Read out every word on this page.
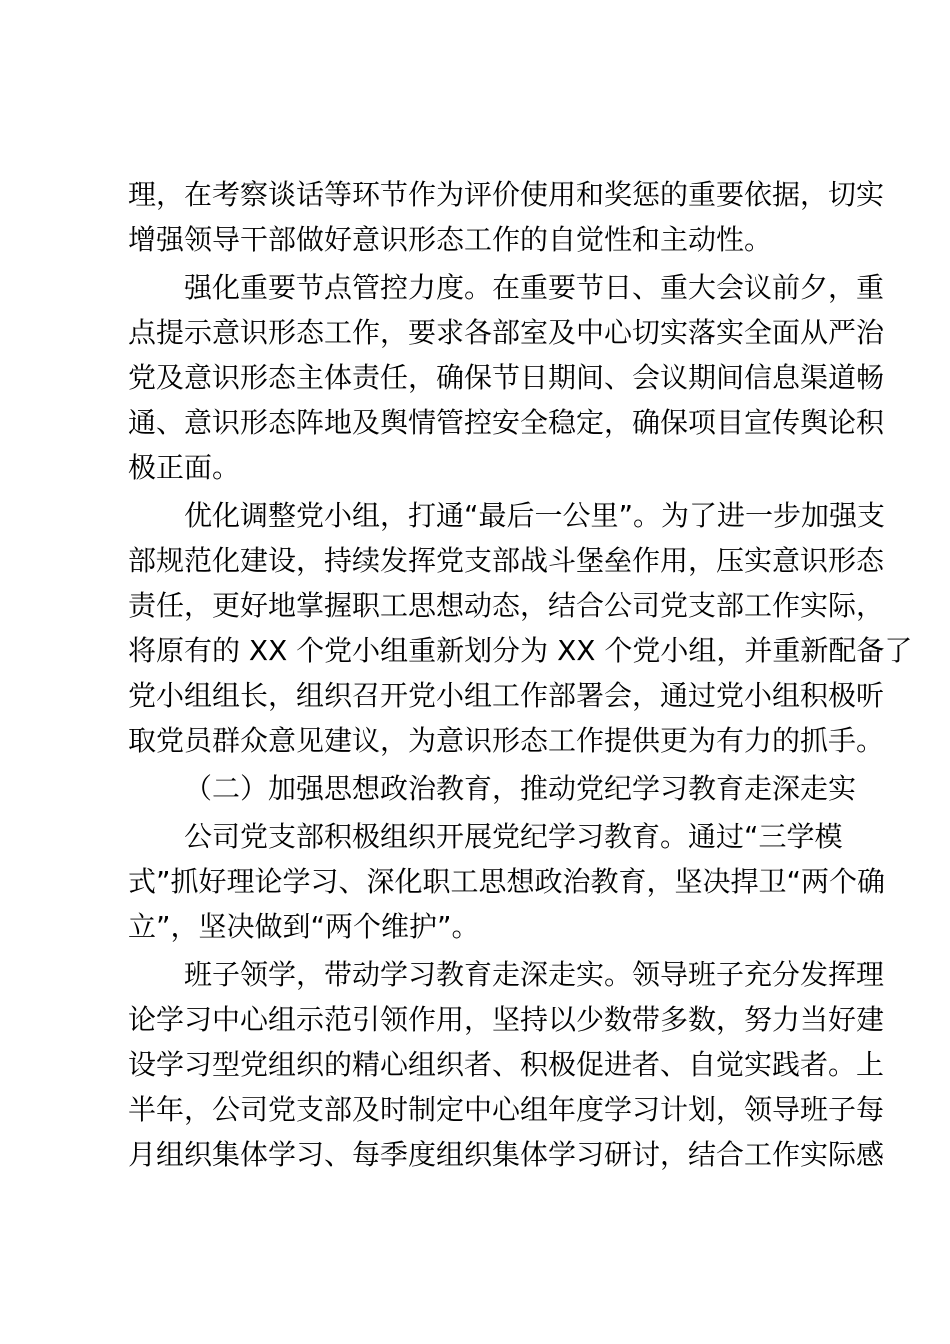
理，在考察谈话等环节作为评价使用和奖惩的重要依据，切实
增强领导干部做好意识形态工作的自觉性和主动性。
强化重要节点管控力度。在重要节日、重大会议前夕，重
点提示意识形态工作，要求各部室及中心切实落实全面从严治
党及意识形态主体责任，确保节日期间、会议期间信息渠道畅
通、意识形态阵地及舆情管控安全稳定，确保项目宣传舆论积
极正面。
优化调整党小组，打通“最后一公里”。为了进一步加强支
部规范化建设，持续发挥党支部战斗堡垒作用，压实意识形态
责任，更好地掌握职工思想动态，结合公司党支部工作实际，
将原有的 XX 个党小组重新划分为 XX 个党小组，并重新配备了
党小组组长，组织召开党小组工作部署会，通过党小组积极听
取党员群众意见建议，为意识形态工作提供更为有力的抓手。
（二）加强思想政治教育，推动党纪学习教育走深走实
公司党支部积极组织开展党纪学习教育。通过“三学模
式”抓好理论学习、深化职工思想政治教育，坚决捍卫“两个确
立”，坚决做到“两个维护”。
班子领学，带动学习教育走深走实。领导班子充分发挥理
论学习中心组示范引领作用，坚持以少数带多数，努力当好建
设学习型党组织的精心组织者、积极促进者、自觉实践者。上
半年，公司党支部及时制定中心组年度学习计划，领导班子每
月组织集体学习、每季度组织集体学习研讨，结合工作实际感
